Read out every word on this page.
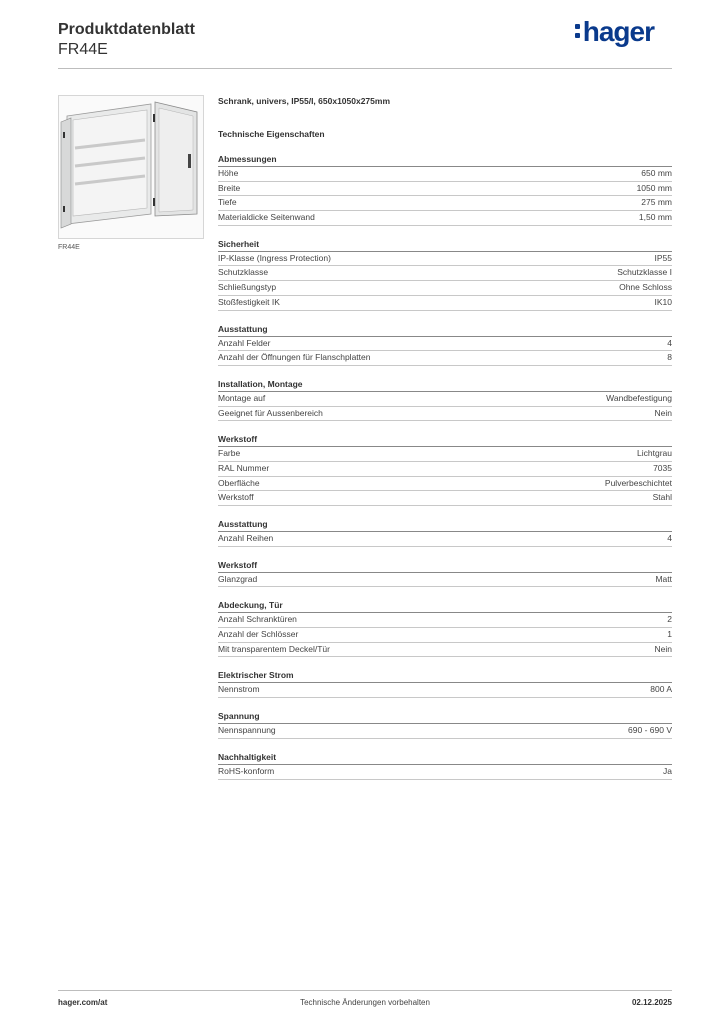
Produktdatenblatt
FR44E
hager
FR44E
Schrank, univers, IP55/I, 650x1050x275mm
Technische Eigenschaften
Abmessungen
Höhe	650 mm
Breite	1050 mm
Tiefe	275 mm
Materialdicke Seitenwand	1,50 mm
Sicherheit
IP-Klasse (Ingress Protection)	IP55
Schutzklasse	Schutzklasse I
Schließungstyp	Ohne Schloss
Stoßfestigkeit IK	IK10
Ausstattung
Anzahl Felder	4
Anzahl der Öffnungen für Flanschplatten	8
Installation, Montage
Montage auf	Wandbefestigung
Geeignet für Aussenbereich	Nein
Werkstoff
Farbe	Lichtgrau
RAL Nummer	7035
Oberfläche	Pulverbeschichtet
Werkstoff	Stahl
Ausstattung
Anzahl Reihen	4
Werkstoff
Glanzgrad	Matt
Abdeckung, Tür
Anzahl Schranktüren	2
Anzahl der Schlösser	1
Mit transparentem Deckel/Tür	Nein
Elektrischer Strom
Nennstrom	800 A
Spannung
Nennspannung	690 - 690 V
Nachhaltigkeit
RoHS-konform	Ja
hager.com/at	Technische Änderungen vorbehalten	02.12.2025
